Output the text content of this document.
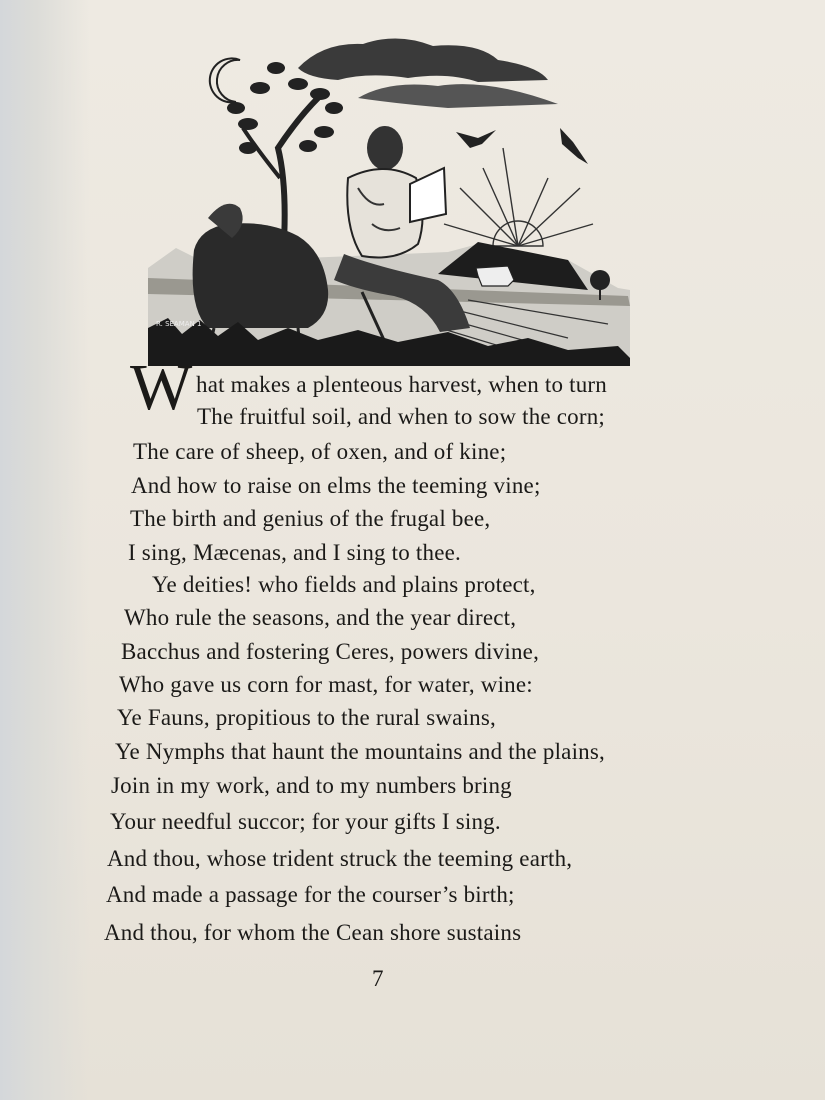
R. SEAMAN 1
W hat makes a plenteous harvest, when to turn
The fruitful soil, and when to sow the corn;
The care of sheep, of oxen, and of kine;
And how to raise on elms the teeming vine;
The birth and genius of the frugal bee,
I sing, Mæcenas, and I sing to thee.
Ye deities! who fields and plains protect,
Who rule the seasons, and the year direct,
Bacchus and fostering Ceres, powers divine,
Who gave us corn for mast, for water, wine:
Ye Fauns, propitious to the rural swains,
Ye Nymphs that haunt the mountains and the plains,
Join in my work, and to my numbers bring
Your needful succor; for your gifts I sing.
And thou, whose trident struck the teeming earth,
And made a passage for the courser’s birth;
And thou, for whom the Cean shore sustains
7
